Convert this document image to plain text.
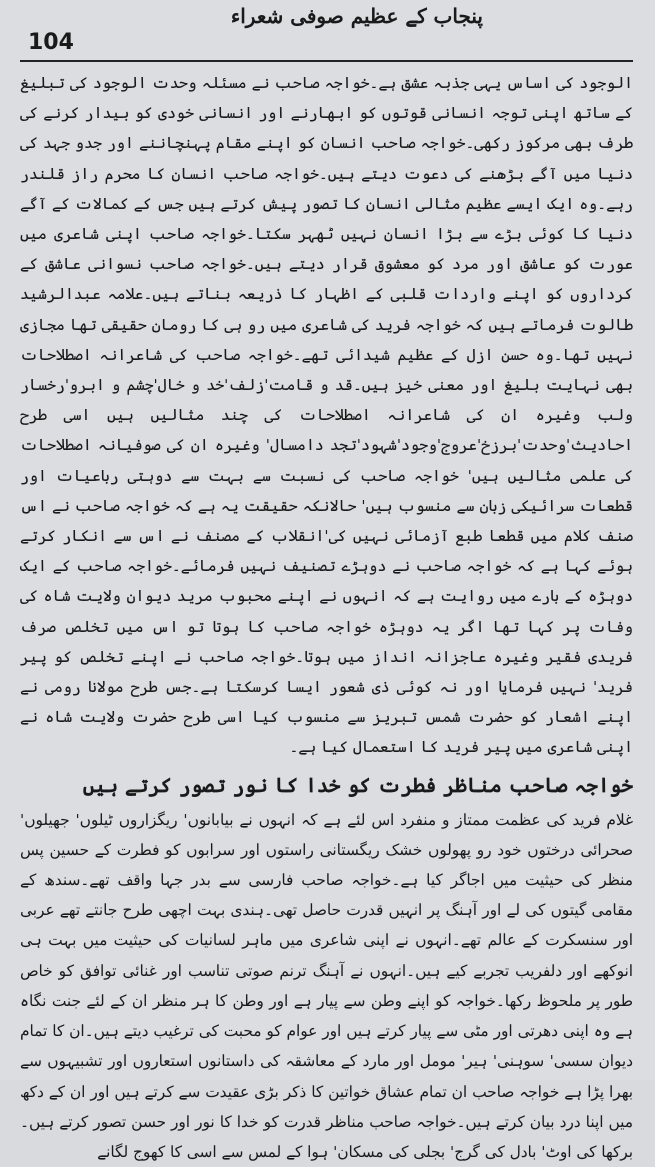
104
پنجاب کے عظیم صوفی شعراء

الوجود کی اساس یہی جذبہ عشق ہے۔خواجہ صاحب نے مسئلہ وحدت الوجود کی تبلیغ کے ساتھ اپنی توجہ انسانی قوتوں کو ابھارنے اور انسانی خودی کو بیدار کرنے کی طرف بھی مرکوز رکھی۔خواجہ صاحب انسان کو اپنے مقام پہنچاننے اور جدو جہد کی دنیا میں آگے بڑھنے کی دعوت دیتے ہیں۔خواجہ صاحب انسان کا محرم راز قلندر رہے۔وہ ایک ایسے عظیم مثالی انسان کا تصور پیش کرتے ہیں جس کے کمالات کے آگے دنیا کا کوئی بڑے سے بڑا انسان نہیں ٹھہر سکتا۔خواجہ صاحب اپنی شاعری میں عورت کو عاشق اور مرد کو معشوق قرار دیتے ہیں۔خواجہ صاحب نسوانی عاشق کے کرداروں کو اپنے واردات قلبی کے اظہار کا ذریعہ بناتے ہیں۔علامہ عبدالرشید طالوت فرماتے ہیں کہ خواجہ فرید کی شاعری میں رو ہی کا رومان حقیقی تھا مجازی نہیں تھا۔وہ حسن ازل کے عظیم شیدائی تھے۔خواجہ صاحب کی شاعرانہ اصطلاحات بھی نہایت بلیغ اور معنی خیز ہیں۔قد و قامت'زلف'خد و خال'چشم و ابرو'رخسار ولب وغیرہ ان کی شاعرانہ اصطلاحات کی چند مثالیں ہیں اسی طرح احادیث'وحدت'برزخ'عروج'وجود'شہود'تجد دامسال' وغیرہ ان کی صوفیانہ اصطلاحات کی علمی مثالیں ہیں' خواجہ صاحب کی نسبت سے بہت سے دوہتی رباعیات اور قطعات سرائیکی زبان سے منسوب ہیں' حالانکہ حقیقت یہ ہے کہ خواجہ صاحب نے اس صنف کلام میں قطعا طبع آزمائی نہیں کی'انقلاب کے مصنف نے اس سے انکار کرتے ہوئے کہا ہے کہ خواجہ صاحب نے دوہڑے تصنیف نہیں فرمائے۔خواجہ صاحب کے ایک دوہڑہ کے بارے میں روایت ہے کہ انہوں نے اپنے محبوب مرید دیوان ولایت شاہ کی وفات پر کہا تھا اگر یہ دوہڑہ خواجہ صاحب کا ہوتا تو اس میں تخلص صرف فریدی فقیر وغیرہ عاجزانہ انداز میں ہوتا۔خواجہ صاحب نے اپنے تخلص کو پیر فرید' نہیں فرمایا اور نہ کوئی ذی شعور ایسا کرسکتا ہے۔جس طرح مولانا رومی نے اپنے اشعار کو حضرت شمس تبریز سے منسوب کیا اسی طرح حضرت ولایت شاہ نے اپنی شاعری میں پیر فرید کا استعمال کیا ہے۔

خواجہ صاحب مناظر فطرت کو خدا کا نور تصور کرتے ہیں

غلام فرید کی عظمت ممتاز و منفرد اس لئے ہے کہ انہوں نے بیابانوں' ریگزاروں ٹیلوں' جھیلوں' صحرائی درختوں خود رو پھولوں خشک ریگستانی راستوں اور سرابوں کو فطرت کے حسین پس منظر کی حیثیت میں اجاگر کیا ہے۔خواجہ صاحب فارسی سے بدر جہا واقف تھے۔سندھ کے مقامی گیتوں کی لے اور آہنگ پر انہیں قدرت حاصل تھی۔ہندی بہت اچھی طرح جانتے تھے عربی اور سنسکرت کے عالم تھے۔انہوں نے اپنی شاعری میں ماہر لسانیات کی حیثیت میں بہت ہی انوکھے اور دلفریب تجربے کیے ہیں۔انہوں نے آہنگ ترنم صوتی تناسب اور غنائی توافق کو خاص طور پر ملحوظ رکھا۔خواجہ کو اپنے وطن سے پیار ہے اور وطن کا ہر منظر ان کے لئے جنت نگاہ ہے وہ اپنی دھرتی اور مٹی سے پیار کرتے ہیں اور عوام کو محبت کی ترغیب دیتے ہیں۔ان کا تمام دیوان سسی' سوہنی' ہیر' مومل اور مارد کے معاشقہ کی داستانوں استعاروں اور تشبیہوں سے بھرا پڑا ہے خواجہ صاحب ان تمام عشاق خواتین کا ذکر بڑی عقیدت سے کرتے ہیں اور ان کے دکھ میں اپنا درد بیان کرتے ہیں۔خواجہ صاحب مناظر قدرت کو خدا کا نور اور حسن تصور کرتے ہیں۔برکھا کی اوٹ' بادل کی گرج' بجلی کی مسکان' ہوا کے لمس سے اسی کا کھوج لگانے
